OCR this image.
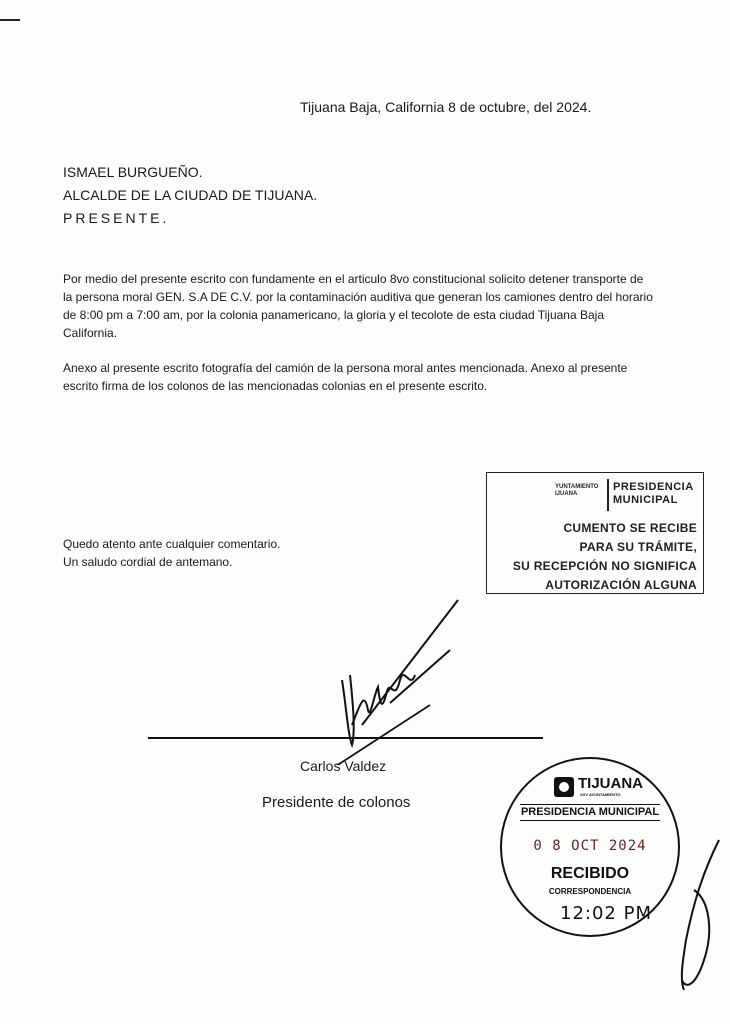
Tijuana Baja, California 8 de octubre, del 2024.
ISMAEL BURGUEÑO.
ALCALDE DE LA CIUDAD DE TIJUANA.
PRESENTE.

Por medio del presente escrito con fundamente en el articulo 8vo constitucional solicito detener transporte de la persona moral GEN. S.A DE C.V. por la contaminación auditiva que generan los camiones dentro del horario de 8:00 pm a 7:00 am, por la colonia panamericano, la gloria y el tecolote de esta ciudad Tijuana Baja California.

Anexo al presente escrito fotografía del camión de la persona moral antes mencionada. Anexo al presente escrito firma de los colonos de las mencionadas colonias en el presente escrito.

Quedo atento ante cualquier comentario.
Un saludo cordial de antemano.
YUNTAMIENTO IJUANA
PRESIDENCIA
MUNICIPAL
CUMENTO SE RECIBE
PARA SU TRÁMITE,
SU RECEPCIÓN NO SIGNIFICA
AUTORIZACIÓN ALGUNA
Carlos Valdez
Presidente de colonos
TIJUANA
XXV AYUNTAMIENTO
PRESIDENCIA MUNICIPAL
0 8 OCT 2024
RECIBIDO
CORRESPONDENCIA
12:02 PM
